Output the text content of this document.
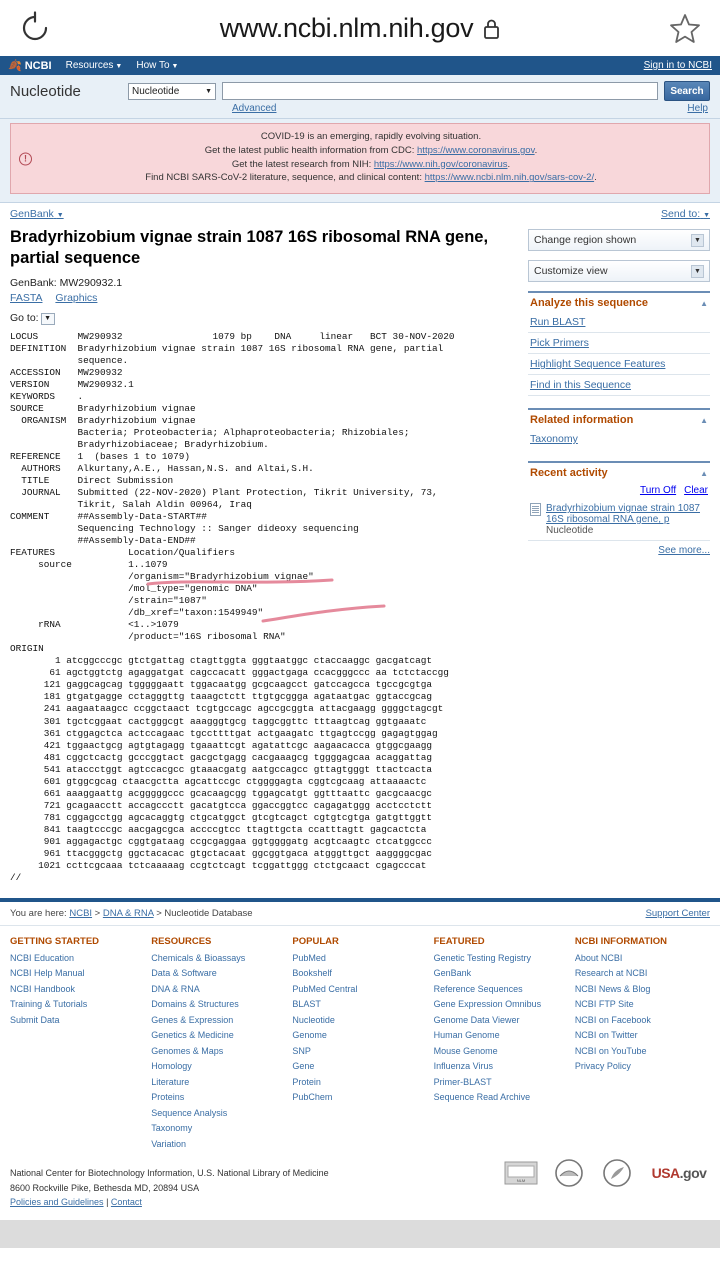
www.ncbi.nlm.nih.gov
🍂 NCBI Resources ▼ How To ▼	Sign in to NCBI
Nucleotide	Nucleotide	▼	Search
Advanced	Help
!
COVID-19 is an emerging, rapidly evolving situation.
Get the latest public health information from CDC: https://www.coronavirus.gov.
Get the latest research from NIH: https://www.nih.gov/coronavirus.
Find NCBI SARS-CoV-2 literature, sequence, and clinical content: https://www.ncbi.nlm.nih.gov/sars-cov-2/.
GenBank ▼	Send to: ▼
Bradyrhizobium vignae strain 1087 16S ribosomal RNA gene, partial sequence
GenBank: MW290932.1
FASTA Graphics
Go to: ▼
LOCUS       MW290932                1079 bp    DNA     linear   BCT 30-NOV-2020
DEFINITION  Bradyrhizobium vignae strain 1087 16S ribosomal RNA gene, partial
sequence.
ACCESSION   MW290932
VERSION     MW290932.1
KEYWORDS    .
SOURCE      Bradyrhizobium vignae
ORGANISM  Bradyrhizobium vignae
Bacteria; Proteobacteria; Alphaproteobacteria; Rhizobiales;
Bradyrhizobiaceae; Bradyrhizobium.
REFERENCE   1  (bases 1 to 1079)
AUTHORS   Alkurtany,A.E., Hassan,N.S. and Altai,S.H.
TITLE     Direct Submission
JOURNAL   Submitted (22-NOV-2020) Plant Protection, Tikrit University, 73,
Tikrit, Salah Aldin 00964, Iraq
COMMENT     ##Assembly-Data-START##
Sequencing Technology :: Sanger dideoxy sequencing
##Assembly-Data-END##
FEATURES             Location/Qualifiers
source          1..1079
/organism="Bradyrhizobium vignae"
/mol_type="genomic DNA"
/strain="1087"
/db_xref="taxon:1549949"
rRNA            <1..>1079
/product="16S ribosomal RNA"
ORIGIN
1 atcggcccgc gtctgattag ctagttggta gggtaatggc ctaccaaggc gacgatcagt
61 agctggtctg agaggatgat cagccacatt gggactgaga ccacgggccc aa tctctaccgg
121 gaggcagcag tgggggaatt tggacaatgg gcgcaagcct gatccagcca tgccgcgtga
181 gtgatgagge cctagggttg taaagctctt ttgtgcggga agataatgac ggtaccgcag
241 aagaataagcc ccggctaact tcgtgccagc agccgcggta attacgaagg ggggctagcgt
301 tgctcggaat cactgggcgt aaagggtgcg taggcggttc tttaagtcag ggtgaaatc
361 ctggagctca actccagaac tgccttttgat actgaagatc ttgagtccgg gagagtggag
421 tggaactgcg agtgtagagg tgaaattcgt agatattcgc aagaacacca gtggcgaagg
481 cggctcactg gcccggtact gacgctgagg cacgaaagcg tggggagcaa acaggattag
541 ataccctggt agtccacgcc gtaaacgatg aatgccagcc gttagtgggt ttactcacta
601 gtggcgcag ctaacgctta agcattccgc ctggggagta cggtcgcaag attaaaactc
661 aaaggaattg acgggggccc gcacaagcgg tggagcatgt ggtttaattc gacgcaacgc
721 gcagaacctt accagccctt gacatgtcca ggaccggtcc cagagatggg acctcctctt
781 cggagcctgg agcacaggtg ctgcatggct gtcgtcagct cgtgtcgtga gatgttggtt
841 taagtcccgc aacgagcgca accccgtcc ttagttgcta ccatttagtt gagcactcta
901 aggagactgc cggtgataag ccgcgaggaa ggtggggatg acgtcaagtc ctcatggccc
961 ttacgggctg ggctacacac gtgctacaat ggcggtgaca atgggttgct aaggggcgac
1021 ccttcgcaaa tctcaaaaag ccgtctcagt tcggattggg ctctgcaact cgagcccat
//
Change region shown	▼
Customize view	▼
Analyze this sequence	▲
Run BLAST
Pick Primers
Highlight Sequence Features
Find in this Sequence
Related information	▲
Taxonomy
Recent activity	▲
Turn Off Clear
Bradyrhizobium vignae strain 1087 16S ribosomal RNA gene, p Nucleotide
See more...
You are here: NCBI > DNA & RNA > Nucleotide Database	Support Center
GETTING STARTED
NCBI Education
NCBI Help Manual
NCBI Handbook
Training & Tutorials
Submit Data
RESOURCES
Chemicals & Bioassays
Data & Software
DNA & RNA
Domains & Structures
Genes & Expression
Genetics & Medicine
Genomes & Maps
Homology
Literature
Proteins
Sequence Analysis
Taxonomy
Variation
POPULAR
PubMed
Bookshelf
PubMed Central
BLAST
Nucleotide
Genome
SNP
Gene
Protein
PubChem
FEATURED
Genetic Testing Registry
GenBank
Reference Sequences
Gene Expression Omnibus
Genome Data Viewer
Human Genome
Mouse Genome
Influenza Virus
Primer-BLAST
Sequence Read Archive
NCBI INFORMATION
About NCBI
Research at NCBI
NCBI News & Blog
NCBI FTP Site
NCBI on Facebook
NCBI on Twitter
NCBI on YouTube
Privacy Policy
National Center for Biotechnology Information, U.S. National Library of Medicine
8600 Rockville Pike, Bethesda MD, 20894 USA
Policies and Guidelines | Contact
NLM	USA.gov
